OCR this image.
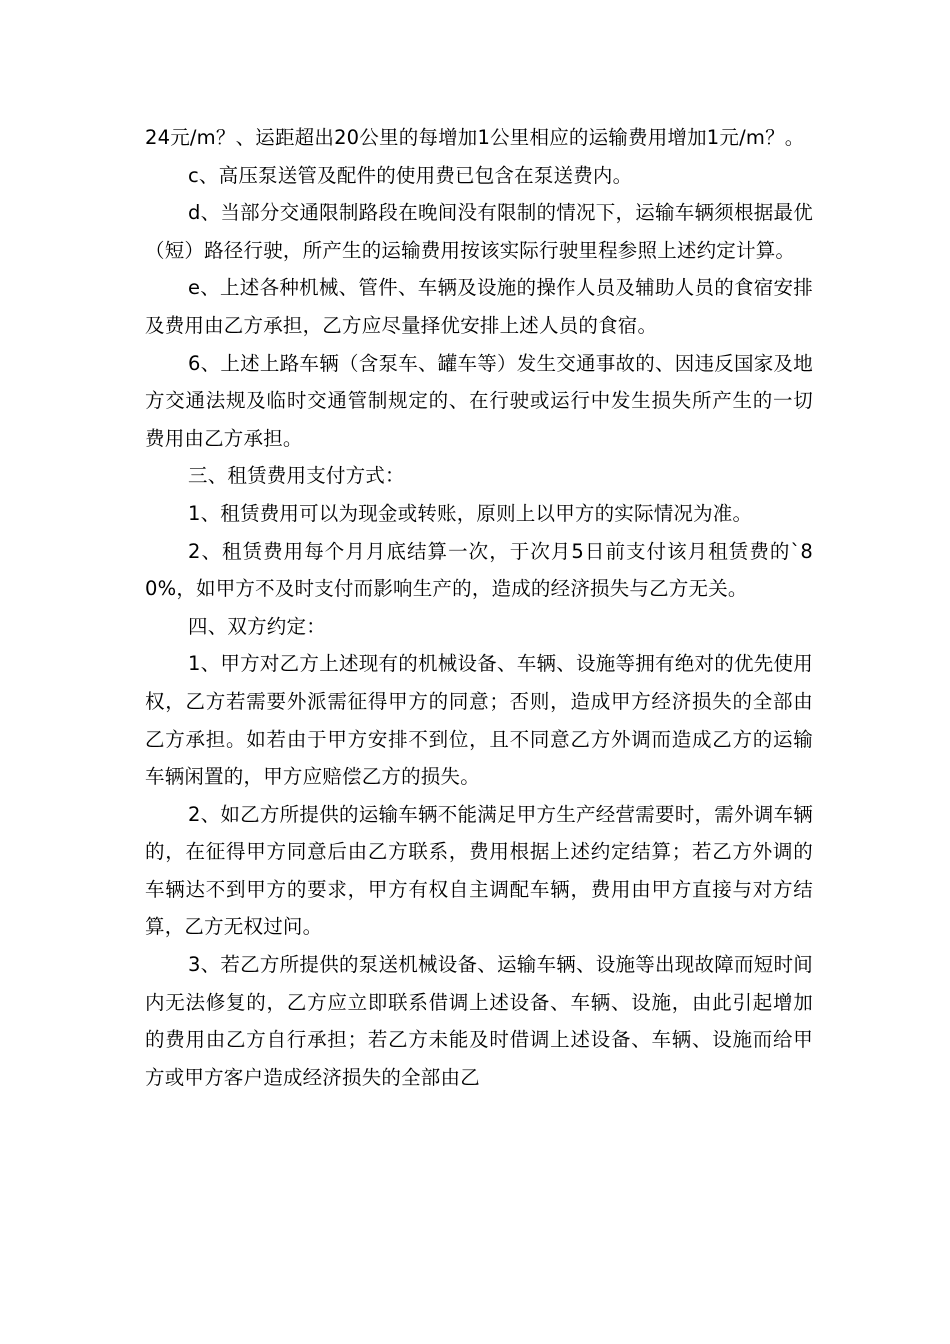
24元/m？、运距超出20公里的每增加1公里相应的运输费用增加1元/m？。

c、高压泵送管及配件的使用费已包含在泵送费内。

d、当部分交通限制路段在晚间没有限制的情况下，运输车辆须根据最优（短）路径行驶，所产生的运输费用按该实际行驶里程参照上述约定计算。

e、上述各种机械、管件、车辆及设施的操作人员及辅助人员的食宿安排及费用由乙方承担，乙方应尽量择优安排上述人员的食宿。

6、上述上路车辆（含泵车、罐车等）发生交通事故的、因违反国家及地方交通法规及临时交通管制规定的、在行驶或运行中发生损失所产生的一切费用由乙方承担。

三、租赁费用支付方式：

1、租赁费用可以为现金或转账，原则上以甲方的实际情况为准。

2、租赁费用每个月月底结算一次，于次月5日前支付该月租赁费的`80%，如甲方不及时支付而影响生产的，造成的经济损失与乙方无关。

四、双方约定：

1、甲方对乙方上述现有的机械设备、车辆、设施等拥有绝对的优先使用权，乙方若需要外派需征得甲方的同意；否则，造成甲方经济损失的全部由乙方承担。如若由于甲方安排不到位，且不同意乙方外调而造成乙方的运输车辆闲置的，甲方应赔偿乙方的损失。

2、如乙方所提供的运输车辆不能满足甲方生产经营需要时，需外调车辆的，在征得甲方同意后由乙方联系，费用根据上述约定结算；若乙方外调的车辆达不到甲方的要求，甲方有权自主调配车辆，费用由甲方直接与对方结算，乙方无权过问。

3、若乙方所提供的泵送机械设备、运输车辆、设施等出现故障而短时间内无法修复的，乙方应立即联系借调上述设备、车辆、设施，由此引起增加的费用由乙方自行承担；若乙方未能及时借调上述设备、车辆、设施而给甲方或甲方客户造成经济损失的全部由乙
